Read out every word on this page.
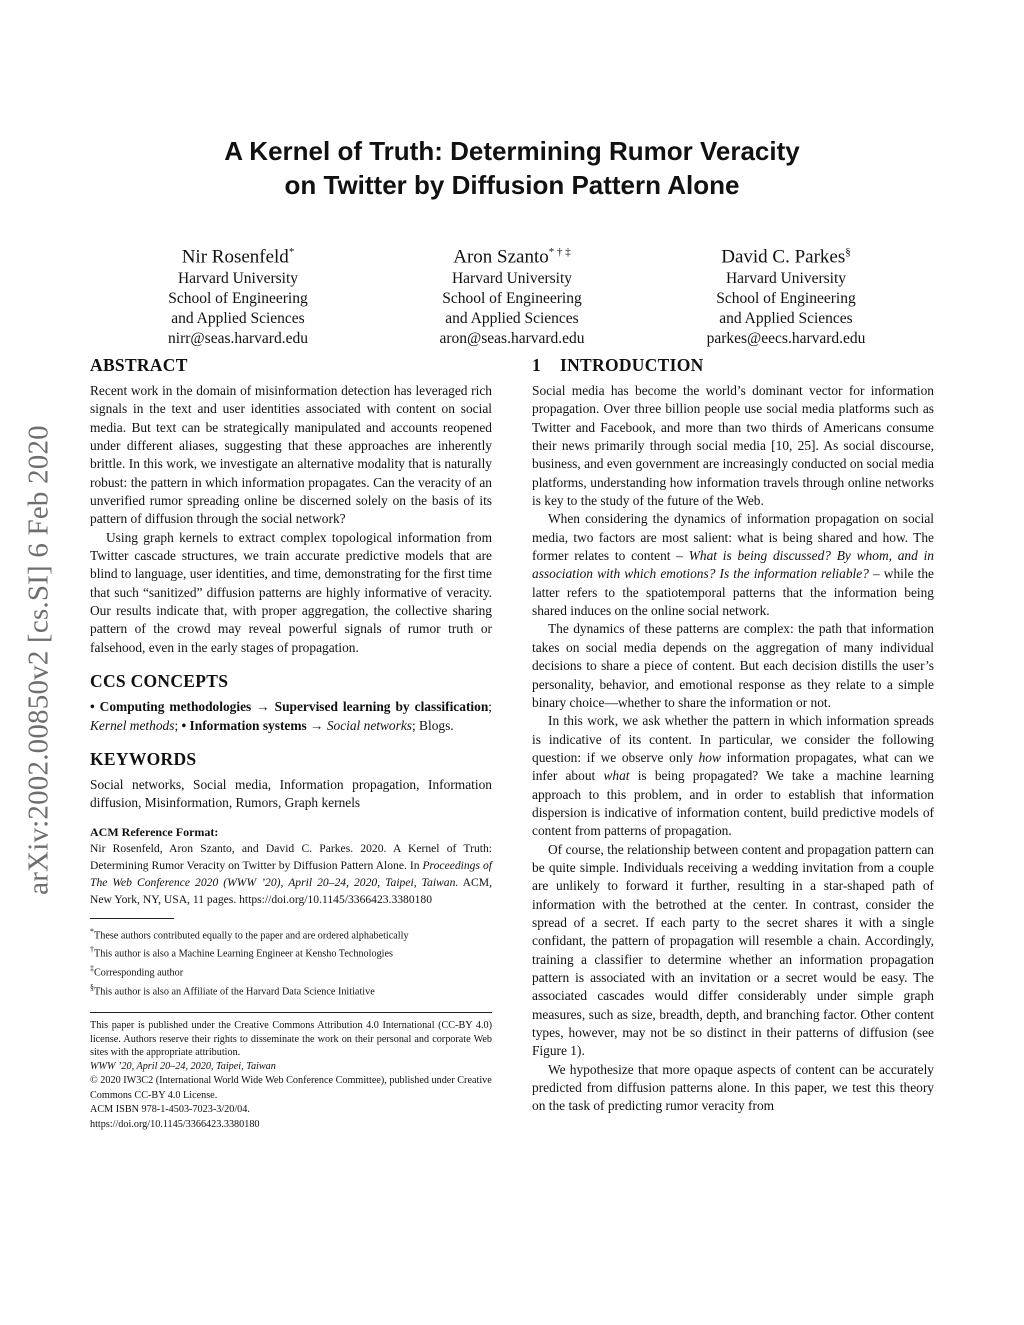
arXiv:2002.00850v2 [cs.SI] 6 Feb 2020
A Kernel of Truth: Determining Rumor Veracity
on Twitter by Diffusion Pattern Alone
Nir Rosenfeld*
Harvard University
School of Engineering
and Applied Sciences
nirr@seas.harvard.edu
Aron Szanto* † ‡
Harvard University
School of Engineering
and Applied Sciences
aron@seas.harvard.edu
David C. Parkes§
Harvard University
School of Engineering
and Applied Sciences
parkes@eecs.harvard.edu
ABSTRACT

Recent work in the domain of misinformation detection has leveraged rich signals in the text and user identities associated with content on social media. But text can be strategically manipulated and accounts reopened under different aliases, suggesting that these approaches are inherently brittle. In this work, we investigate an alternative modality that is naturally robust: the pattern in which information propagates. Can the veracity of an unverified rumor spreading online be discerned solely on the basis of its pattern of diffusion through the social network?

Using graph kernels to extract complex topological information from Twitter cascade structures, we train accurate predictive models that are blind to language, user identities, and time, demonstrating for the first time that such “sanitized” diffusion patterns are highly informative of veracity. Our results indicate that, with proper aggregation, the collective sharing pattern of the crowd may reveal powerful signals of rumor truth or falsehood, even in the early stages of propagation.

CCS CONCEPTS

• Computing methodologies → Supervised learning by classification; Kernel methods; • Information systems → Social networks; Blogs.

KEYWORDS

Social networks, Social media, Information propagation, Information diffusion, Misinformation, Rumors, Graph kernels

ACM Reference Format:

Nir Rosenfeld, Aron Szanto, and David C. Parkes. 2020. A Kernel of Truth: Determining Rumor Veracity on Twitter by Diffusion Pattern Alone. In Proceedings of The Web Conference 2020 (WWW ’20), April 20–24, 2020, Taipei, Taiwan. ACM, New York, NY, USA, 11 pages. https://doi.org/10.1145/3366423.3380180

*These authors contributed equally to the paper and are ordered alphabetically
†This author is also a Machine Learning Engineer at Kensho Technologies
‡Corresponding author
§This author is also an Affiliate of the Harvard Data Science Initiative
This paper is published under the Creative Commons Attribution 4.0 International (CC-BY 4.0) license. Authors reserve their rights to disseminate the work on their personal and corporate Web sites with the appropriate attribution.
WWW ’20, April 20–24, 2020, Taipei, Taiwan
© 2020 IW3C2 (International World Wide Web Conference Committee), published under Creative Commons CC-BY 4.0 License.
ACM ISBN 978-1-4503-7023-3/20/04.
https://doi.org/10.1145/3366423.3380180
1 INTRODUCTION

Social media has become the world’s dominant vector for information propagation. Over three billion people use social media platforms such as Twitter and Facebook, and more than two thirds of Americans consume their news primarily through social media [10, 25]. As social discourse, business, and even government are increasingly conducted on social media platforms, understanding how information travels through online networks is key to the study of the future of the Web.

When considering the dynamics of information propagation on social media, two factors are most salient: what is being shared and how. The former relates to content – What is being discussed? By whom, and in association with which emotions? Is the information reliable? – while the latter refers to the spatiotemporal patterns that the information being shared induces on the online social network.

The dynamics of these patterns are complex: the path that information takes on social media depends on the aggregation of many individual decisions to share a piece of content. But each decision distills the user’s personality, behavior, and emotional response as they relate to a simple binary choice—whether to share the information or not.

In this work, we ask whether the pattern in which information spreads is indicative of its content. In particular, we consider the following question: if we observe only how information propagates, what can we infer about what is being propagated? We take a machine learning approach to this problem, and in order to establish that information dispersion is indicative of information content, build predictive models of content from patterns of propagation.

Of course, the relationship between content and propagation pattern can be quite simple. Individuals receiving a wedding invitation from a couple are unlikely to forward it further, resulting in a star-shaped path of information with the betrothed at the center. In contrast, consider the spread of a secret. If each party to the secret shares it with a single confidant, the pattern of propagation will resemble a chain. Accordingly, training a classifier to determine whether an information propagation pattern is associated with an invitation or a secret would be easy. The associated cascades would differ considerably under simple graph measures, such as size, breadth, depth, and branching factor. Other content types, however, may not be so distinct in their patterns of diffusion (see Figure 1).

We hypothesize that more opaque aspects of content can be accurately predicted from diffusion patterns alone. In this paper, we test this theory on the task of predicting rumor veracity from
